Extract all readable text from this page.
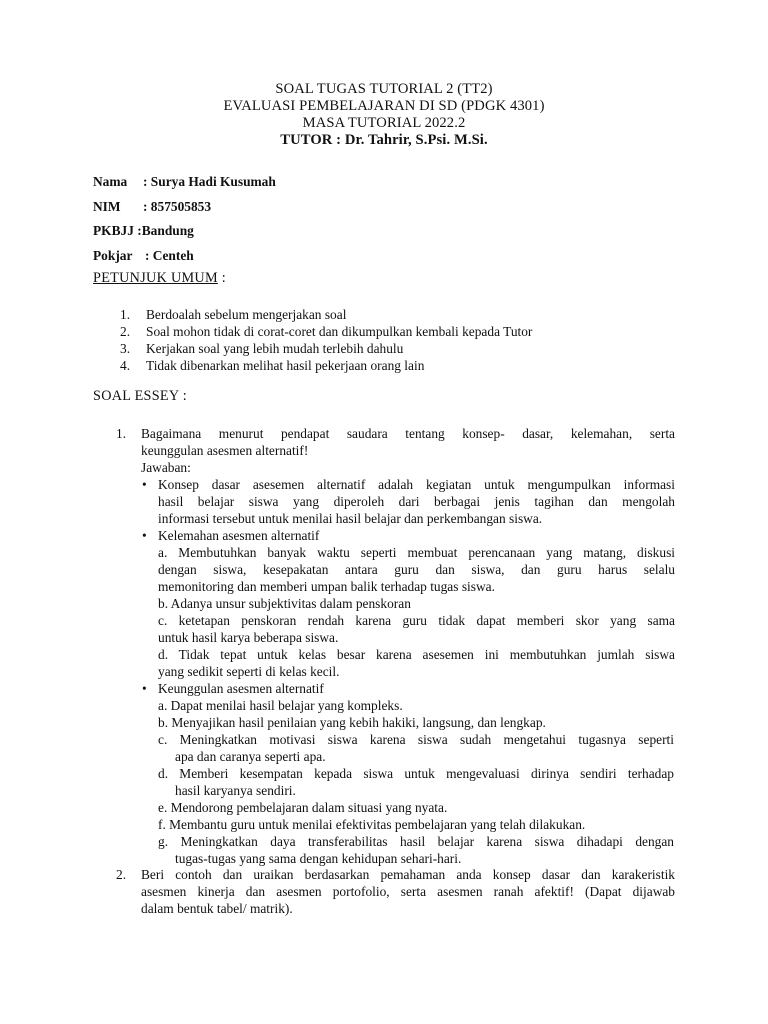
SOAL TUGAS TUTORIAL 2 (TT2)
EVALUASI PEMBELAJARAN DI SD (PDGK 4301)
MASA TUTORIAL 2022.2
TUTOR : Dr. Tahrir, S.Psi. M.Si.
Nama : Surya Hadi Kusumah
NIM : 857505853
PKBJJ :Bandung
Pokjar : Centeh
PETUNJUK UMUM :
1. Berdoalah sebelum mengerjakan soal
2. Soal mohon tidak di corat-coret dan dikumpulkan kembali kepada Tutor
3. Kerjakan soal yang lebih mudah terlebih dahulu
4. Tidak dibenarkan melihat hasil pekerjaan orang lain
SOAL ESSEY :
1. Bagaimana menurut pendapat saudara tentang konsep- dasar, kelemahan, serta
keunggulan asesmen alternatif!
Jawaban:
• Konsep dasar asesemen alternatif adalah kegiatan untuk mengumpulkan informasi
hasil belajar siswa yang diperoleh dari berbagai jenis tagihan dan mengolah
informasi tersebut untuk menilai hasil belajar dan perkembangan siswa.
• Kelemahan asesmen alternatif
a. Membutuhkan banyak waktu seperti membuat perencanaan yang matang, diskusi
dengan siswa, kesepakatan antara guru dan siswa, dan guru harus selalu
memonitoring dan memberi umpan balik terhadap tugas siswa.
b. Adanya unsur subjektivitas dalam penskoran
c. ketetapan penskoran rendah karena guru tidak dapat memberi skor yang sama
untuk hasil karya beberapa siswa.
d. Tidak tepat untuk kelas besar karena asesemen ini membutuhkan jumlah siswa
yang sedikit seperti di kelas kecil.
• Keunggulan asesmen alternatif
a. Dapat menilai hasil belajar yang kompleks.
b. Menyajikan hasil penilaian yang kebih hakiki, langsung, dan lengkap.
c. Meningkatkan motivasi siswa karena siswa sudah mengetahui tugasnya seperti
apa dan caranya seperti apa.
d. Memberi kesempatan kepada siswa untuk mengevaluasi dirinya sendiri terhadap
hasil karyanya sendiri.
e. Mendorong pembelajaran dalam situasi yang nyata.
f. Membantu guru untuk menilai efektivitas pembelajaran yang telah dilakukan.
g. Meningkatkan daya transferabilitas hasil belajar karena siswa dihadapi dengan
tugas-tugas yang sama dengan kehidupan sehari-hari.
2. Beri contoh dan uraikan berdasarkan pemahaman anda konsep dasar dan karakeristik
asesmen kinerja dan asesmen portofolio, serta asesmen ranah afektif! (Dapat dijawab
dalam bentuk tabel/ matrik).
